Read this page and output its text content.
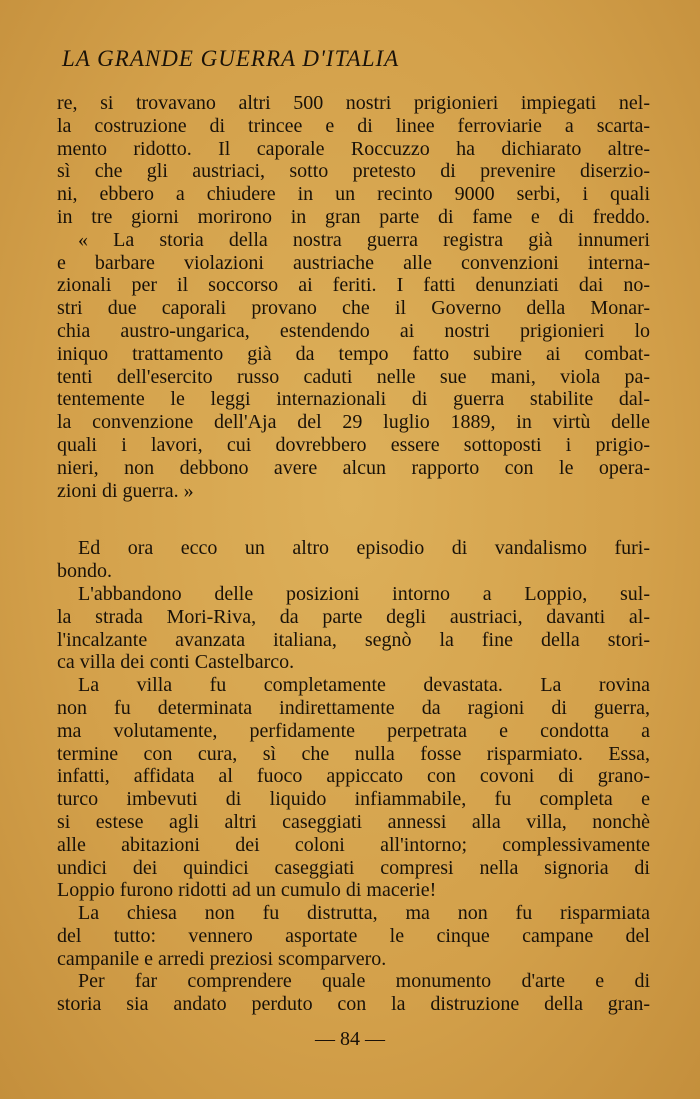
LA GRANDE GUERRA D'ITALIA
re, si trovavano altri 500 nostri prigionieri impiegati nel-
la costruzione di trincee e di linee ferroviarie a scarta-
mento ridotto. Il caporale Roccuzzo ha dichiarato altre-
sì che gli austriaci, sotto pretesto di prevenire diserzio-
ni, ebbero a chiudere in un recinto 9000 serbi, i quali
in tre giorni morirono in gran parte di fame e di freddo.
« La storia della nostra guerra registra già innumeri
e barbare violazioni austriache alle convenzioni interna-
zionali per il soccorso ai feriti. I fatti denunziati dai no-
stri due caporali provano che il Governo della Monar-
chia austro-ungarica, estendendo ai nostri prigionieri lo
iniquo trattamento già da tempo fatto subire ai combat-
tenti dell'esercito russo caduti nelle sue mani, viola pa-
tentemente le leggi internazionali di guerra stabilite dal-
la convenzione dell'Aja del 29 luglio 1889, in virtù delle
quali i lavori, cui dovrebbero essere sottoposti i prigio-
nieri, non debbono avere alcun rapporto con le opera-
zioni di guerra. »
Ed ora ecco un altro episodio di vandalismo furi-
bondo.
L'abbandono delle posizioni intorno a Loppio, sul-
la strada Mori-Riva, da parte degli austriaci, davanti al-
l'incalzante avanzata italiana, segnò la fine della stori-
ca villa dei conti Castelbarco.
La villa fu completamente devastata. La rovina
non fu determinata indirettamente da ragioni di guerra,
ma volutamente, perfidamente perpetrata e condotta a
termine con cura, sì che nulla fosse risparmiato. Essa,
infatti, affidata al fuoco appiccato con covoni di grano-
turco imbevuti di liquido infiammabile, fu completa e
si estese agli altri caseggiati annessi alla villa, nonchè
alle abitazioni dei coloni all'intorno; complessivamente
undici dei quindici caseggiati compresi nella signoria di
Loppio furono ridotti ad un cumulo di macerie!
La chiesa non fu distrutta, ma non fu risparmiata
del tutto: vennero asportate le cinque campane del
campanile e arredi preziosi scomparvero.
Per far comprendere quale monumento d'arte e di
storia sia andato perduto con la distruzione della gran-
— 84 —
